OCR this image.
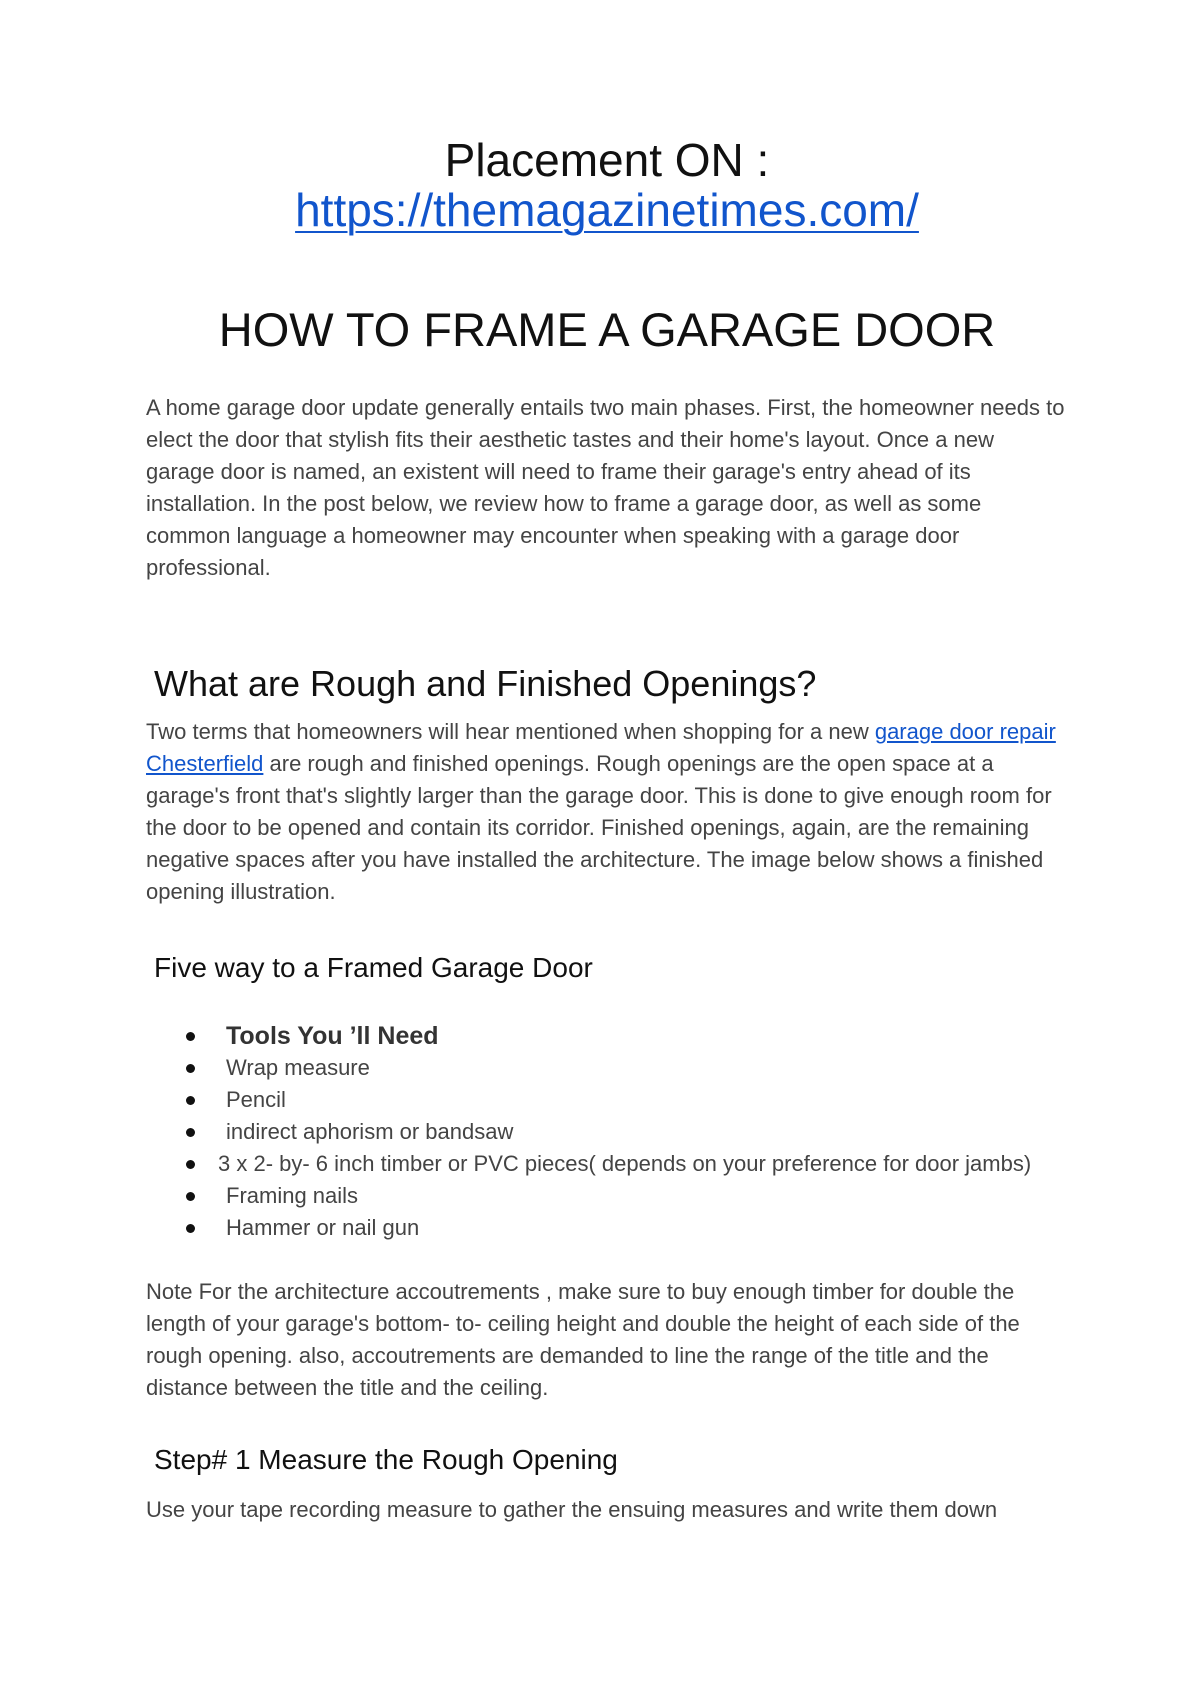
Placement ON :
https://themagazinetimes.com/
HOW TO FRAME A GARAGE DOOR

A home garage door update generally entails two main phases. First, the homeowner needs to elect the door that stylish fits their aesthetic tastes and their home's layout. Once a new garage door is named, an existent will need to frame their garage's entry ahead of its installation. In the post below, we review how to frame a garage door, as well as some common language a homeowner may encounter when speaking with a garage door professional.

What are Rough and Finished Openings?

Two terms that homeowners will hear mentioned when shopping for a new garage door repair Chesterfield are rough and finished openings. Rough openings are the open space at a garage's front that's slightly larger than the garage door. This is done to give enough room for the door to be opened and contain its corridor. Finished openings, again, are the remaining negative spaces after you have installed the architecture. The image below shows a finished opening illustration.

Five way to a Framed Garage Door
Tools You ’ll Need
Wrap measure
Pencil
indirect aphorism or bandsaw
3 x 2- by- 6 inch timber or PVC pieces( depends on your preference for door jambs)
Framing nails
Hammer or nail gun

Note For the architecture accoutrements , make sure to buy enough timber for double the length of your garage's bottom- to- ceiling height and double the height of each side of the rough opening. also, accoutrements are demanded to line the range of the title and the distance between the title and the ceiling.

Step# 1 Measure the Rough Opening

Use your tape recording measure to gather the ensuing measures and write them down
